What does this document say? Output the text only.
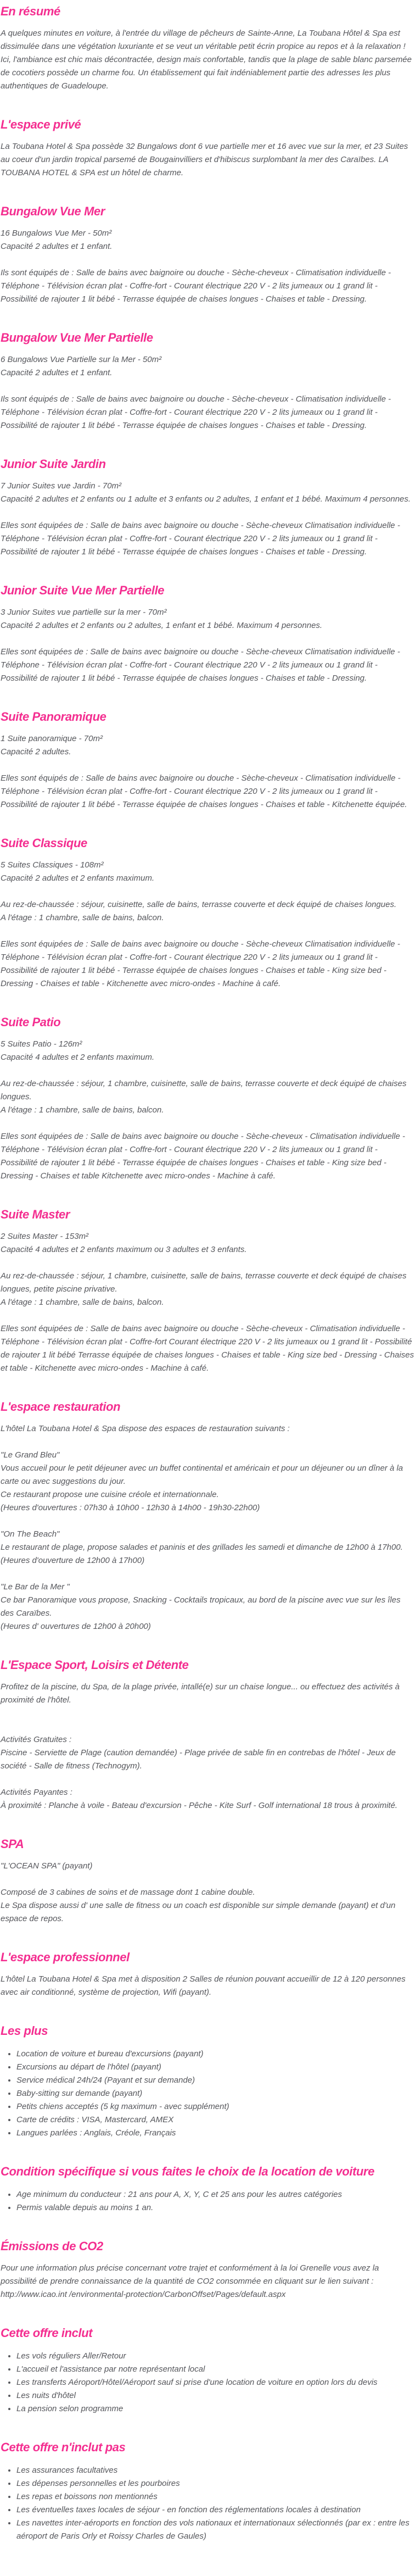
En résumé

A quelques minutes en voiture, à l'entrée du village de pêcheurs de Sainte-Anne, La Toubana Hôtel & Spa est dissimulée dans une végétation luxuriante et se veut un véritable petit écrin propice au repos et à la relaxation ! Ici, l'ambiance est chic mais décontractée, design mais confortable, tandis que la plage de sable blanc parsemée de cocotiers possède un charme fou. Un établissement qui fait indéniablement partie des adresses les plus authentiques de Guadeloupe.

L'espace privé

La Toubana Hotel & Spa possède 32 Bungalows dont 6 vue partielle mer et 16 avec vue sur la mer, et 23 Suites au coeur d'un jardin tropical parsemé de Bougainvilliers et d'hibiscus surplombant la mer des Caraïbes. LA TOUBANA HOTEL & SPA est un hôtel de charme.

Bungalow Vue Mer

16 Bungalows Vue Mer - 50m²
Capacité 2 adultes et 1 enfant.

Ils sont équipés de : Salle de bains avec baignoire ou douche - Sèche-cheveux - Climatisation individuelle - Téléphone - Télévision écran plat - Coffre-fort - Courant électrique 220 V - 2 lits jumeaux ou 1 grand lit - Possibilité de rajouter 1 lit bébé - Terrasse équipée de chaises longues - Chaises et table - Dressing.

Bungalow Vue Mer Partielle

6 Bungalows Vue Partielle sur la Mer - 50m²
Capacité 2 adultes et 1 enfant.

Ils sont équipés de : Salle de bains avec baignoire ou douche - Sèche-cheveux - Climatisation individuelle - Téléphone - Télévision écran plat - Coffre-fort - Courant électrique 220 V - 2 lits jumeaux ou 1 grand lit - Possibilité de rajouter 1 lit bébé - Terrasse équipée de chaises longues - Chaises et table - Dressing.

Junior Suite Jardin

7 Junior Suites vue Jardin - 70m²
Capacité 2 adultes et 2 enfants ou 1 adulte et 3 enfants ou 2 adultes, 1 enfant et 1 bébé. Maximum 4 personnes.

Elles sont équipées de : Salle de bains avec baignoire ou douche - Sèche-cheveux Climatisation individuelle - Téléphone - Télévision écran plat - Coffre-fort - Courant électrique 220 V - 2 lits jumeaux ou 1 grand lit - Possibilité de rajouter 1 lit bébé - Terrasse équipée de chaises longues - Chaises et table - Dressing.

Junior Suite Vue Mer Partielle

3 Junior Suites vue partielle sur la mer - 70m²
Capacité 2 adultes et 2 enfants ou 2 adultes, 1 enfant et 1 bébé. Maximum 4 personnes.

Elles sont équipées de : Salle de bains avec baignoire ou douche - Sèche-cheveux Climatisation individuelle - Téléphone - Télévision écran plat - Coffre-fort - Courant électrique 220 V - 2 lits jumeaux ou 1 grand lit - Possibilité de rajouter 1 lit bébé - Terrasse équipée de chaises longues - Chaises et table - Dressing.

Suite Panoramique

1 Suite panoramique - 70m²
Capacité 2 adultes.

Elles sont équipés de : Salle de bains avec baignoire ou douche - Sèche-cheveux - Climatisation individuelle - Téléphone - Télévision écran plat - Coffre-fort - Courant électrique 220 V - 2 lits jumeaux ou 1 grand lit - Possibilité de rajouter 1 lit bébé - Terrasse équipée de chaises longues - Chaises et table - Kitchenette équipée.

Suite Classique

5 Suites Classiques - 108m²
Capacité 2 adultes et 2 enfants maximum.

Au rez-de-chaussée : séjour, cuisinette, salle de bains, terrasse couverte et deck équipé de chaises longues.
A l'étage : 1 chambre, salle de bains, balcon.

Elles sont équipées de : Salle de bains avec baignoire ou douche - Sèche-cheveux Climatisation individuelle - Téléphone - Télévision écran plat - Coffre-fort - Courant électrique 220 V - 2 lits jumeaux ou 1 grand lit - Possibilité de rajouter 1 lit bébé - Terrasse équipée de chaises longues - Chaises et table - King size bed - Dressing - Chaises et table - Kitchenette avec micro-ondes - Machine à café.

Suite Patio

5 Suites Patio - 126m²
Capacité 4 adultes et 2 enfants maximum.

Au rez-de-chaussée : séjour, 1 chambre, cuisinette, salle de bains, terrasse couverte et deck équipé de chaises longues.
A l'étage : 1 chambre, salle de bains, balcon.

Elles sont équipées de : Salle de bains avec baignoire ou douche - Sèche-cheveux - Climatisation individuelle - Téléphone - Télévision écran plat - Coffre-fort - Courant électrique 220 V - 2 lits jumeaux ou 1 grand lit - Possibilité de rajouter 1 lit bébé - Terrasse équipée de chaises longues - Chaises et table - King size bed - Dressing - Chaises et table Kitchenette avec micro-ondes - Machine à café.

Suite Master

2 Suites Master - 153m²
Capacité 4 adultes et 2 enfants maximum ou 3 adultes et 3 enfants.

Au rez-de-chaussée : séjour, 1 chambre, cuisinette, salle de bains, terrasse couverte et deck équipé de chaises longues, petite piscine privative.
A l'étage : 1 chambre, salle de bains, balcon.

Elles sont équipées de : Salle de bains avec baignoire ou douche - Sèche-cheveux - Climatisation individuelle - Téléphone - Télévision écran plat - Coffre-fort Courant électrique 220 V - 2 lits jumeaux ou 1 grand lit - Possibilité de rajouter 1 lit bébé Terrasse équipée de chaises longues - Chaises et table - King size bed - Dressing - Chaises et table - Kitchenette avec micro-ondes - Machine à café.

L'espace restauration

L'hôtel La Toubana Hotel & Spa dispose des espaces de restauration suivants :

"Le Grand Bleu"
Vous accueil pour le petit déjeuner avec un buffet continental et américain et pour un déjeuner ou un dîner à la carte ou avec suggestions du jour.
Ce restaurant propose une cuisine créole et internationnale.
(Heures d'ouvertures : 07h30 à 10h00 - 12h30 à 14h00 - 19h30-22h00)

"On The Beach"
Le restaurant de plage, propose salades et paninis et des grillades les samedi et dimanche de 12h00 à 17h00.
(Heures d'ouverture de 12h00 à 17h00)

"Le Bar de la Mer "
Ce bar Panoramique vous propose, Snacking - Cocktails tropicaux, au bord de la piscine avec vue sur les îles des Caraïbes.
(Heures d' ouvertures de 12h00 à 20h00)

L'Espace Sport, Loisirs et Détente

Profitez de la piscine, du Spa, de la plage privée, intallé(e) sur un chaise longue... ou effectuez des activités à proximité de l'hôtel.

Activités Gratuites :
Piscine - Serviette de Plage (caution demandée) - Plage privée de sable fin en contrebas de l'hôtel - Jeux de société - Salle de fitness (Technogym).

Activités Payantes :
À proximité : Planche à voile - Bateau d'excursion - Pêche - Kite Surf - Golf international 18 trous à proximité.

SPA

"L'OCEAN SPA" (payant)

Composé de 3 cabines de soins et de massage dont 1 cabine double.
Le Spa dispose aussi d' une salle de fitness ou un coach est disponible sur simple demande (payant) et d'un espace de repos.

L'espace professionnel

L'hôtel La Toubana Hotel & Spa met à disposition 2 Salles de réunion pouvant accueillir de 12 à 120 personnes avec air conditionné, système de projection, Wifi (payant).

Les plus
• Location de voiture et bureau d'excursions (payant)
• Excursions au départ de l'hôtel (payant)
• Service médical 24h/24 (Payant et sur demande)
• Baby-sitting sur demande (payant)
• Petits chiens acceptés (5 kg maximum - avec supplément)
• Carte de crédits : VISA, Mastercard, AMEX
• Langues parlées : Anglais, Créole, Français
Condition spécifique si vous faites le choix de la location de voiture
• Age minimum du conducteur : 21 ans pour A, X, Y, C et 25 ans pour les autres catégories
• Permis valable depuis au moins 1 an.
Émissions de CO2

Pour une information plus précise concernant votre trajet et conformément à la loi Grenelle vous avez la possibilité de prendre connaissance de la quantité de CO2 consommée en cliquant sur le lien suivant : http://www.icao.int /environmental-protection/CarbonOffset/Pages/default.aspx

Cette offre inclut
• Les vols réguliers Aller/Retour
• L'accueil et l'assistance par notre représentant local
• Les transferts Aéroport/Hôtel/Aéroport sauf si prise d'une location de voiture en option lors du devis
• Les nuits d'hôtel
• La pension selon programme
Cette offre n'inclut pas
• Les assurances facultatives
• Les dépenses personnelles et les pourboires
• Les repas et boissons non mentionnés
• Les éventuelles taxes locales de séjour - en fonction des réglementations locales à destination
• Les navettes inter-aéroports en fonction des vols nationaux et internationaux sélectionnés (par ex : entre les aéroport de Paris Orly et Roissy Charles de Gaules)
